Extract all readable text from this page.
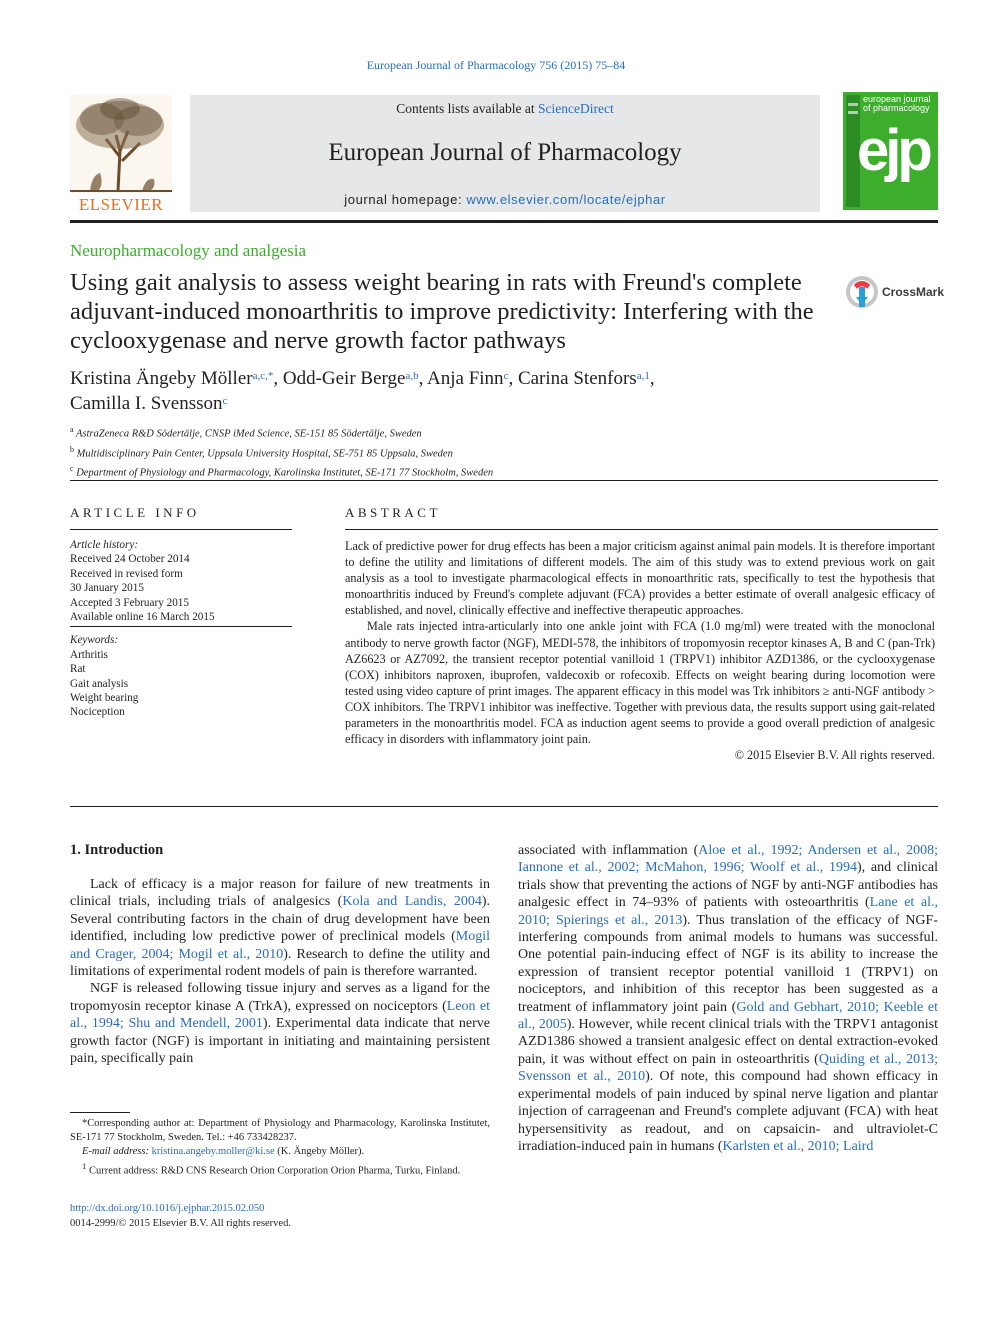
European Journal of Pharmacology 756 (2015) 75–84
ELSEVIER
Contents lists available at ScienceDirect
European Journal of Pharmacology
journal homepage: www.elsevier.com/locate/ejphar
european journal of pharmacology
ejp
Neuropharmacology and analgesia
Using gait analysis to assess weight bearing in rats with Freund's complete adjuvant-induced monoarthritis to improve predictivity: Interfering with the cyclooxygenase and nerve growth factor pathways
CrossMark
Kristina Ängeby Möller$^{a,c,*}$, Odd-Geir Berge$^{a,b}$, Anja Finn$^c$, Carina Stenfors$^{a,1}$,
Camilla I. Svensson$^c$
$^a$ AstraZeneca R&D Södertälje, CNSP iMed Science, SE-151 85 Södertälje, Sweden
$^b$ Multidisciplinary Pain Center, Uppsala University Hospital, SE-751 85 Uppsala, Sweden
$^c$ Department of Physiology and Pharmacology, Karolinska Institutet, SE-171 77 Stockholm, Sweden
ARTICLE INFO
Article history:
Received 24 October 2014
Received in revised form
30 January 2015
Accepted 3 February 2015
Available online 16 March 2015
Keywords:
Arthritis
Rat
Gait analysis
Weight bearing
Nociception
ABSTRACT

Lack of predictive power for drug effects has been a major criticism against animal pain models. It is therefore important to define the utility and limitations of different models. The aim of this study was to extend previous work on gait analysis as a tool to investigate pharmacological effects in monoarthritic rats, specifically to test the hypothesis that monoarthritis induced by Freund's complete adjuvant (FCA) provides a better estimate of overall analgesic efficacy of established, and novel, clinically effective and ineffective therapeutic approaches.

Male rats injected intra-articularly into one ankle joint with FCA (1.0 mg/ml) were treated with the monoclonal antibody to nerve growth factor (NGF), MEDI-578, the inhibitors of tropomyosin receptor kinases A, B and C (pan-Trk) AZ6623 or AZ7092, the transient receptor potential vanilloid 1 (TRPV1) inhibitor AZD1386, or the cyclooxygenase (COX) inhibitors naproxen, ibuprofen, valdecoxib or rofecoxib. Effects on weight bearing during locomotion were tested using video capture of print images. The apparent efficacy in this model was Trk inhibitors ≥ anti-NGF antibody > COX inhibitors. The TRPV1 inhibitor was ineffective. Together with previous data, the results support using gait-related parameters in the monoarthritis model. FCA as induction agent seems to provide a good overall prediction of analgesic efficacy in disorders with inflammatory joint pain.

© 2015 Elsevier B.V. All rights reserved.

1. Introduction

Lack of efficacy is a major reason for failure of new treatments in clinical trials, including trials of analgesics (Kola and Landis, 2004). Several contributing factors in the chain of drug development have been identified, including low predictive power of preclinical models (Mogil and Crager, 2004; Mogil et al., 2010). Research to define the utility and limitations of experimental rodent models of pain is therefore warranted.

NGF is released following tissue injury and serves as a ligand for the tropomyosin receptor kinase A (TrkA), expressed on nociceptors (Leon et al., 1994; Shu and Mendell, 2001). Experimental data indicate that nerve growth factor (NGF) is important in initiating and maintaining persistent pain, specifically pain

associated with inflammation (Aloe et al., 1992; Andersen et al., 2008; Iannone et al., 2002; McMahon, 1996; Woolf et al., 1994), and clinical trials show that preventing the actions of NGF by anti-NGF antibodies has analgesic effect in 74–93% of patients with osteoarthritis (Lane et al., 2010; Spierings et al., 2013). Thus translation of the efficacy of NGF-interfering compounds from animal models to humans was successful. One potential pain-inducing effect of NGF is its ability to increase the expression of transient receptor potential vanilloid 1 (TRPV1) on nociceptors, and inhibition of this receptor has been suggested as a treatment of inflammatory joint pain (Gold and Gebhart, 2010; Keeble et al., 2005). However, while recent clinical trials with the TRPV1 antagonist AZD1386 showed a transient analgesic effect on dental extraction-evoked pain, it was without effect on pain in osteoarthritis (Quiding et al., 2013; Svensson et al., 2010). Of note, this compound had shown efficacy in experimental models of pain induced by spinal nerve ligation and plantar injection of carrageenan and Freund's complete adjuvant (FCA) with heat hypersensitivity as readout, and on capsaicin- and ultraviolet-C irradiation-induced pain in humans (Karlsten et al., 2010; Laird

*Corresponding author at: Department of Physiology and Pharmacology, Karolinska Institutet, SE-171 77 Stockholm, Sweden. Tel.: +46 733428237.

E-mail address: kristina.angeby.moller@ki.se (K. Ängeby Möller).

$^1$ Current address: R&D CNS Research Orion Corporation Orion Pharma, Turku, Finland.

http://dx.doi.org/10.1016/j.ejphar.2015.02.050
0014-2999/© 2015 Elsevier B.V. All rights reserved.
